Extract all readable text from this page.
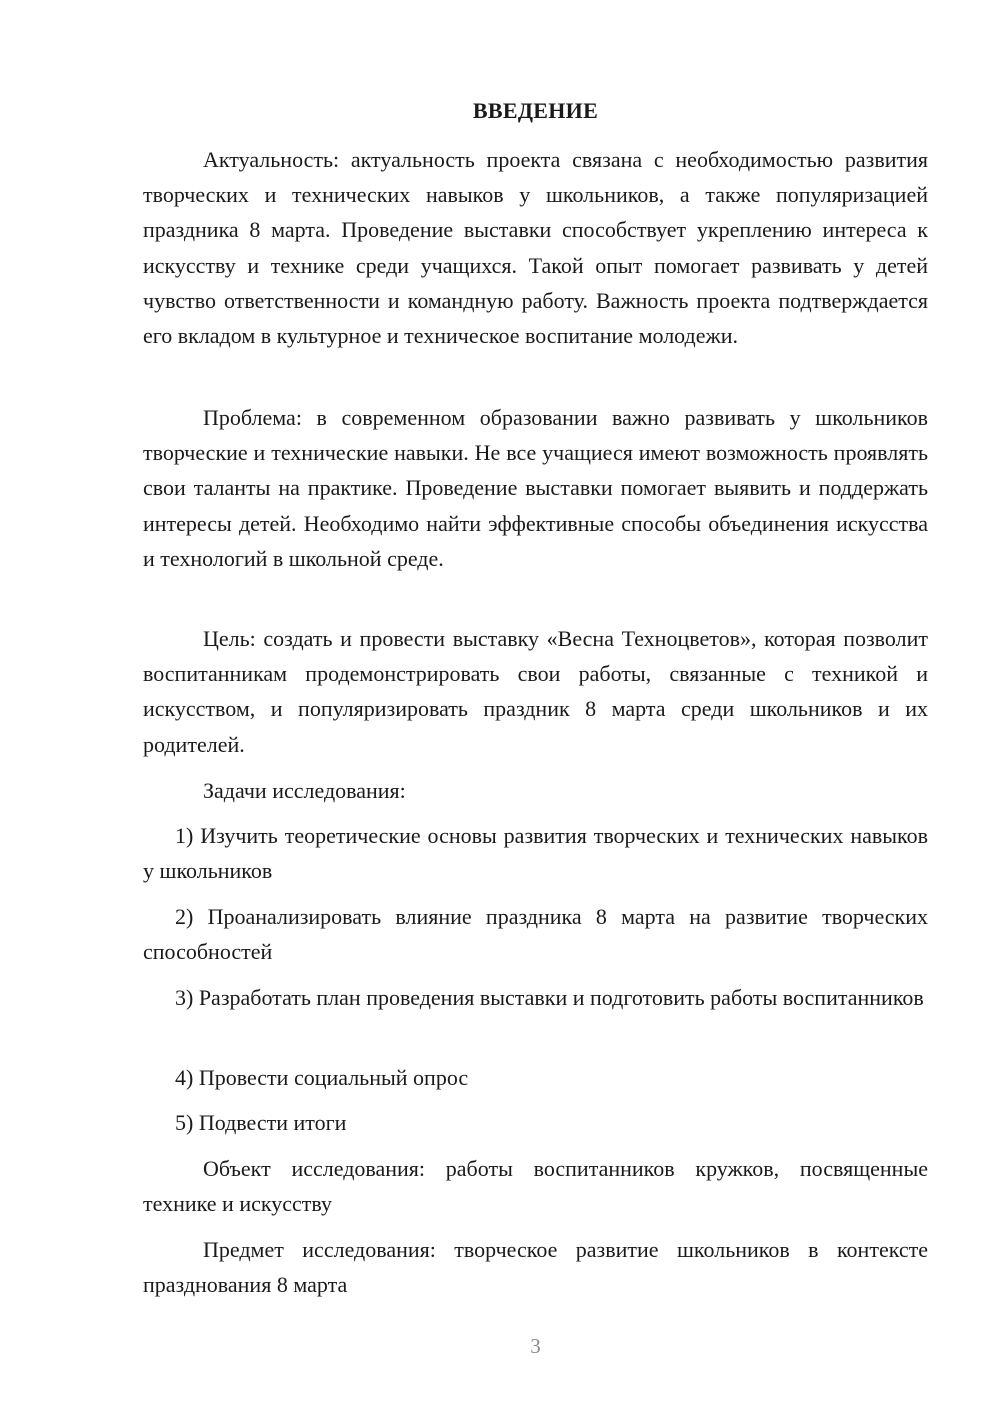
ВВЕДЕНИЕ

Актуальность: актуальность проекта связана с необходимостью развития творческих и технических навыков у школьников, а также популяризацией праздника 8 марта. Проведение выставки способствует укреплению интереса к искусству и технике среди учащихся. Такой опыт помогает развивать у детей чувство ответственности и командную работу. Важность проекта подтверждается его вкладом в культурное и техническое воспитание молодежи.

Проблема: в современном образовании важно развивать у школьников творческие и технические навыки. Не все учащиеся имеют возможность проявлять свои таланты на практике. Проведение выставки помогает выявить и поддержать интересы детей. Необходимо найти эффективные способы объединения искусства и технологий в школьной среде.

Цель: создать и провести выставку «Весна Техноцветов», которая позволит воспитанникам продемонстрировать свои работы, связанные с техникой и искусством, и популяризировать праздник 8 марта среди школьников и их родителей.

Задачи исследования:

1) Изучить теоретические основы развития творческих и технических навыков у школьников

2) Проанализировать влияние праздника 8 марта на развитие творческих способностей

3) Разработать план проведения выставки и подготовить работы воспитанников

4) Провести социальный опрос

5) Подвести итоги

Объект исследования: работы воспитанников кружков, посвященные технике и искусству

Предмет исследования: творческое развитие школьников в контексте празднования 8 марта

3
